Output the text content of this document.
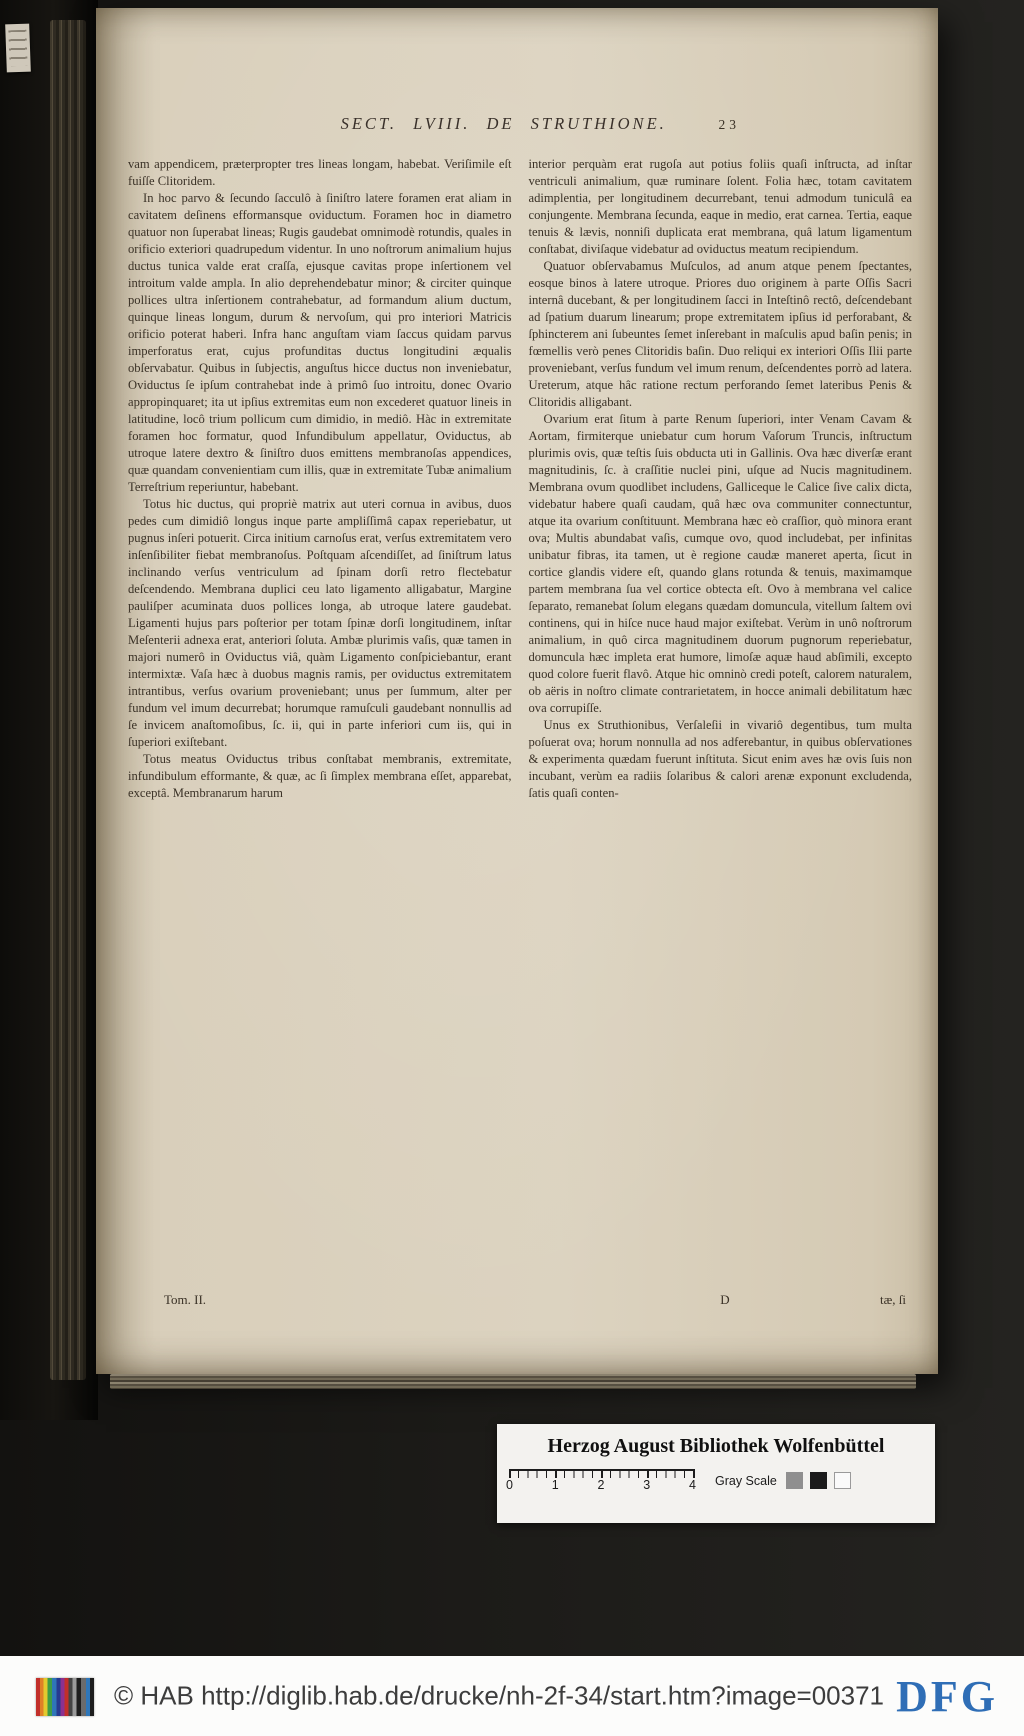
SECT. LVIII. DE STRUTHIONE.	23

vam appendicem, præterpropter tres lineas longam, habebat. Veriſimile eſt fuiſſe Clitoridem.

In hoc parvo & ſecundo ſacculô à ſiniſtro latere foramen erat aliam in cavitatem deſinens efformansque oviductum. Foramen hoc in diametro quatuor non ſuperabat lineas; Rugis gaudebat omnimodè rotundis, quales in orificio exteriori quadrupedum videntur. In uno noſtrorum animalium hujus ductus tunica valde erat craſſa, ejusque cavitas prope inſertionem vel introitum valde ampla. In alio deprehendebatur minor; & circiter quinque pollices ultra inſertionem contrahebatur, ad formandum alium ductum, quinque lineas longum, durum & nervoſum, qui pro interiori Matricis orificio poterat haberi. Infra hanc anguſtam viam ſaccus quidam parvus imperforatus erat, cujus profunditas ductus longitudini æqualis obſervabatur. Quibus in ſubjectis, anguſtus hicce ductus non inveniebatur, Oviductus ſe ipſum contrahebat inde à primô ſuo introitu, donec Ovario appropinquaret; ita ut ipſius extremitas eum non excederet quatuor lineis in latitudine, locô trium pollicum cum dimidio, in mediô. Hàc in extremitate foramen hoc formatur, quod Infundibulum appellatur, Oviductus, ab utroque latere dextro & ſiniſtro duos emittens membranoſas appendices, quæ quandam convenientiam cum illis, quæ in extremitate Tubæ animalium Terreſtrium reperiuntur, habebant.

Totus hic ductus, qui propriè matrix aut uteri cornua in avibus, duos pedes cum dimidiô longus inque parte ampliſſimâ capax reperiebatur, ut pugnus inſeri potuerit. Circa initium carnoſus erat, verſus extremitatem vero inſenſibiliter fiebat membranoſus. Poſtquam aſcendiſſet, ad ſiniſtrum latus inclinando verſus ventriculum ad ſpinam dorſi retro flectebatur deſcendendo. Membrana duplici ceu lato ligamento alligabatur, Margine pauliſper acuminata duos pollices longa, ab utroque latere gaudebat. Ligamenti hujus pars poſterior per totam ſpinæ dorſi longitudinem, inſtar Meſenterii adnexa erat, anteriori ſoluta. Ambæ plurimis vaſis, quæ tamen in majori numerô in Oviductus viâ, quàm Ligamento conſpiciebantur, erant intermixtæ. Vaſa hæc à duobus magnis ramis, per oviductus extremitatem intrantibus, verſus ovarium proveniebant; unus per ſummum, alter per fundum vel imum decurrebat; horumque ramuſculi gaudebant nonnullis ad ſe invicem anaſtomoſibus, ſc. ii, qui in parte inferiori cum iis, qui in ſuperiori exiſtebant.

Totus meatus Oviductus tribus conſtabat membranis, extremitate, infundibulum efformante, & quæ, ac ſi ſimplex membrana eſſet, apparebat, exceptâ. Membranarum harum

interior perquàm erat rugoſa aut potius foliis quaſi inſtructa, ad inſtar ventriculi animalium, quæ ruminare ſolent. Folia hæc, totam cavitatem adimplentia, per longitudinem decurrebant, tenui admodum tuniculâ ea conjungente. Membrana ſecunda, eaque in medio, erat carnea. Tertia, eaque tenuis & lævis, nonniſi duplicata erat membrana, quâ latum ligamentum conſtabat, diviſaque videbatur ad oviductus meatum recipiendum.

Quatuor obſervabamus Muſculos, ad anum atque penem ſpectantes, eosque binos à latere utroque. Priores duo originem à parte Oſſis Sacri internâ ducebant, & per longitudinem ſacci in Inteſtinô rectô, deſcendebant ad ſpatium duarum linearum; prope extremitatem ipſius id perforabant, & ſphincterem ani ſubeuntes ſemet inſerebant in maſculis apud baſin penis; in fœmellis verò penes Clitoridis baſin. Duo reliqui ex interiori Oſſis Ilii parte proveniebant, verſus fundum vel imum renum, deſcendentes porrò ad latera. Ureterum, atque hâc ratione rectum perforando ſemet lateribus Penis & Clitoridis alligabant.

Ovarium erat ſitum à parte Renum ſuperiori, inter Venam Cavam & Aortam, firmiterque uniebatur cum horum Vaſorum Truncis, inſtructum plurimis ovis, quæ teſtis ſuis obducta uti in Gallinis. Ova hæc diverſæ erant magnitudinis, ſc. à craſſitie nuclei pini, uſque ad Nucis magnitudinem. Membrana ovum quodlibet includens, Galliceque le Calice ſive calix dicta, videbatur habere quaſi caudam, quâ hæc ova communiter connectuntur, atque ita ovarium conſtituunt. Membrana hæc eò craſſior, quò minora erant ova; Multis abundabat vaſis, cumque ovo, quod includebat, per infinitas unibatur fibras, ita tamen, ut è regione caudæ maneret aperta, ſicut in cortice glandis videre eſt, quando glans rotunda & tenuis, maximamque partem membrana ſua vel cortice obtecta eſt. Ovo à membrana vel calice ſeparato, remanebat ſolum elegans quædam domuncula, vitellum ſaltem ovi continens, qui in hiſce nuce haud major exiſtebat. Verùm in unô noſtrorum animalium, in quô circa magnitudinem duorum pugnorum reperiebatur, domuncula hæc impleta erat humore, limoſæ aquæ haud abſimili, excepto quod colore fuerit flavô. Atque hic omninò credi poteſt, calorem naturalem, ob aëris in noſtro climate contrarietatem, in hocce animali debilitatum hæc ova corrupiſſe.

Unus ex Struthionibus, Verſaleſii in vivariô degentibus, tum multa poſuerat ova; horum nonnulla ad nos adferebantur, in quibus obſervationes & experimenta quædam fuerunt inſtituta. Sicut enim aves hæ ovis ſuis non incubant, verùm ea radiis ſolaribus & calori arenæ exponunt excludenda, ſatis quaſi conten-

Tom. II.	D	tæ, ſi
Herzog August Bibliothek Wolfenbüttel
0	1	2	3	4 Gray Scale
© HAB http://diglib.hab.de/drucke/nh-2f-34/start.htm?image=00371 DFG
